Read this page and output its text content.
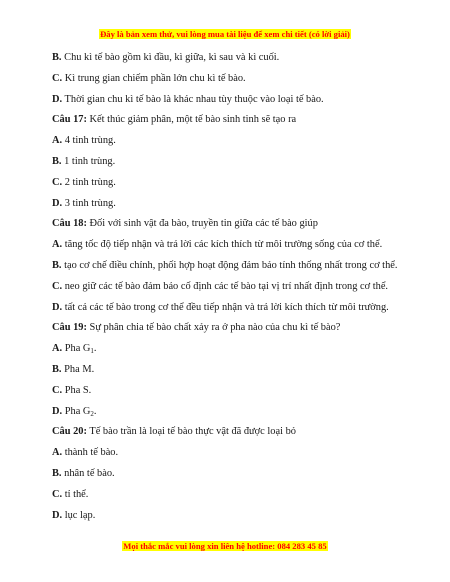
Đây là bản xem thử, vui lòng mua tài liệu để xem chi tiết (có lời giải)
B. Chu kì tế bào gồm kì đầu, kì giữa, kì sau và kì cuối.
C. Kì trung gian chiếm phần lớn chu kì tế bào.
D. Thời gian chu kì tế bào là khác nhau tùy thuộc vào loại tế bào.
Câu 17: Kết thúc giảm phân, một tế bào sinh tinh sẽ tạo ra
A. 4 tinh trùng.
B. 1 tinh trùng.
C. 2 tinh trùng.
D. 3 tinh trùng.
Câu 18: Đối với sinh vật đa bào, truyền tin giữa các tế bào giúp
A. tăng tốc độ tiếp nhận và trả lời các kích thích từ môi trường sống của cơ thể.
B. tạo cơ chế điều chỉnh, phối hợp hoạt động đảm bảo tính thống nhất trong cơ thể.
C. neo giữ các tế bào đảm bảo cố định các tế bào tại vị trí nhất định trong cơ thể.
D. tất cả các tế bào trong cơ thể đều tiếp nhận và trả lời kích thích từ môi trường.
Câu 19: Sự phân chia tế bào chất xảy ra ở pha nào của chu kì tế bào?
A. Pha $G_1$.
B. Pha M.
C. Pha S.
D. Pha $G_2$.
Câu 20: Tế bào trần là loại tế bào thực vật đã được loại bỏ
A. thành tế bào.
B. nhân tế bào.
C. tỉ thể.
D. lục lạp.
Mọi thắc mắc vui lòng xin liên hệ hotline: 084 283 45 85
